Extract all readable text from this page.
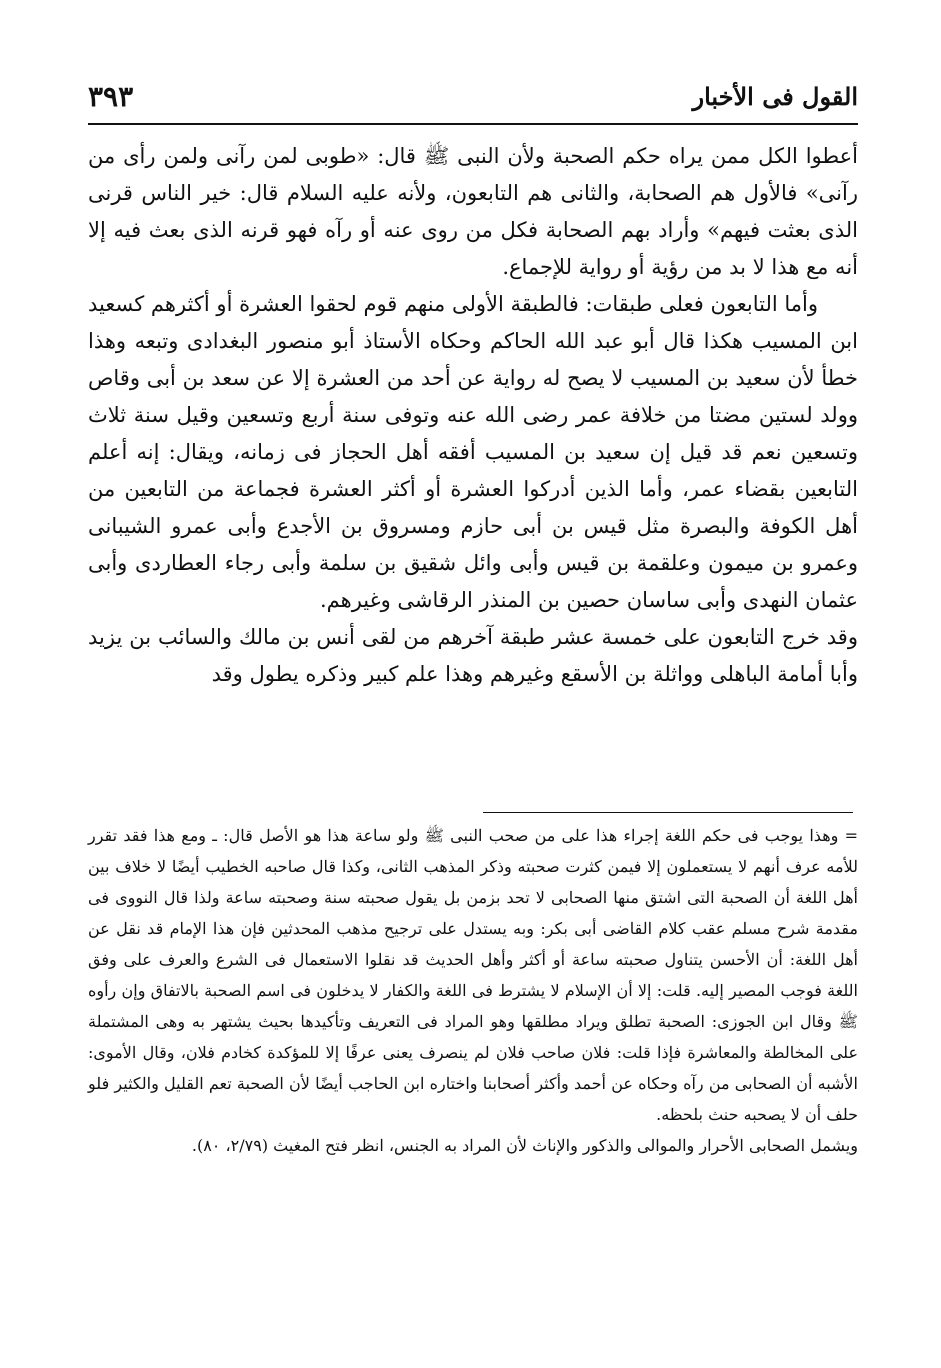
القول فى الأخبار
٣٩٣

أعطوا الكل ممن يراه حكم الصحبة ولأن النبى ﷺ قال: «طوبى لمن رآنى ولمن رأى من رآنى» فالأول هم الصحابة، والثانى هم التابعون، ولأنه عليه السلام قال: خير الناس قرنى الذى بعثت فيهم» وأراد بهم الصحابة فكل من روى عنه أو رآه فهو قرنه الذى بعث فيه إلا أنه مع هذا لا بد من رؤية أو رواية للإجماع.

وأما التابعون فعلى طبقات: فالطبقة الأولى منهم قوم لحقوا العشرة أو أكثرهم كسعيد ابن المسيب هكذا قال أبو عبد الله الحاكم وحكاه الأستاذ أبو منصور البغدادى وتبعه وهذا خطأ لأن سعيد بن المسيب لا يصح له رواية عن أحد من العشرة إلا عن سعد بن أبى وقاص وولد لستين مضتا من خلافة عمر رضى الله عنه وتوفى سنة أربع وتسعين وقيل سنة ثلاث وتسعين نعم قد قيل إن سعيد بن المسيب أفقه أهل الحجاز فى زمانه، ويقال: إنه أعلم التابعين بقضاء عمر، وأما الذين أدركوا العشرة أو أكثر العشرة فجماعة من التابعين من أهل الكوفة والبصرة مثل قيس بن أبى حازم ومسروق بن الأجدع وأبى عمرو الشيبانى وعمرو بن ميمون وعلقمة بن قيس وأبى وائل شقيق بن سلمة وأبى رجاء العطاردى وأبى عثمان النهدى وأبى ساسان حصين بن المنذر الرقاشى وغيرهم.

وقد خرج التابعون على خمسة عشر طبقة آخرهم من لقى أنس بن مالك والسائب بن يزيد وأبا أمامة الباهلى وواثلة بن الأسقع وغيرهم وهذا علم كبير وذكره يطول وقد

= وهذا يوجب فى حكم اللغة إجراء هذا على من صحب النبى ﷺ ولو ساعة هذا هو الأصل قال: ـ ومع هذا فقد تقرر للأمه عرف أنهم لا يستعملون إلا فيمن كثرت صحبته وذكر المذهب الثانى، وكذا قال صاحبه الخطيب أيضًا لا خلاف بين أهل اللغة أن الصحبة التى اشتق منها الصحابى لا تحد بزمن بل يقول صحبته سنة وصحبته ساعة ولذا قال النووى فى مقدمة شرح مسلم عقب كلام القاضى أبى بكر: وبه يستدل على ترجيح مذهب المحدثين فإن هذا الإمام قد نقل عن أهل اللغة: أن الأحسن يتناول صحبته ساعة أو أكثر وأهل الحديث قد نقلوا الاستعمال فى الشرع والعرف على وفق اللغة فوجب المصير إليه. قلت: إلا أن الإسلام لا يشترط فى اللغة والكفار لا يدخلون فى اسم الصحبة بالاتفاق وإن رأوه ﷺ وقال ابن الجوزى: الصحبة تطلق ويراد مطلقها وهو المراد فى التعريف وتأكيدها بحيث يشتهر به وهى المشتملة على المخالطة والمعاشرة فإذا قلت: فلان صاحب فلان لم ينصرف يعنى عرفًا إلا للمؤكدة كخادم فلان، وقال الأموى: الأشبه أن الصحابى من رآه وحكاه عن أحمد وأكثر أصحابنا واختاره ابن الحاجب أيضًا لأن الصحبة تعم القليل والكثير فلو حلف أن لا يصحبه حنث بلحظه.

ويشمل الصحابى الأحرار والموالى والذكور والإناث لأن المراد به الجنس، انظر فتح المغيث (٢/٧٩، ٨٠).
